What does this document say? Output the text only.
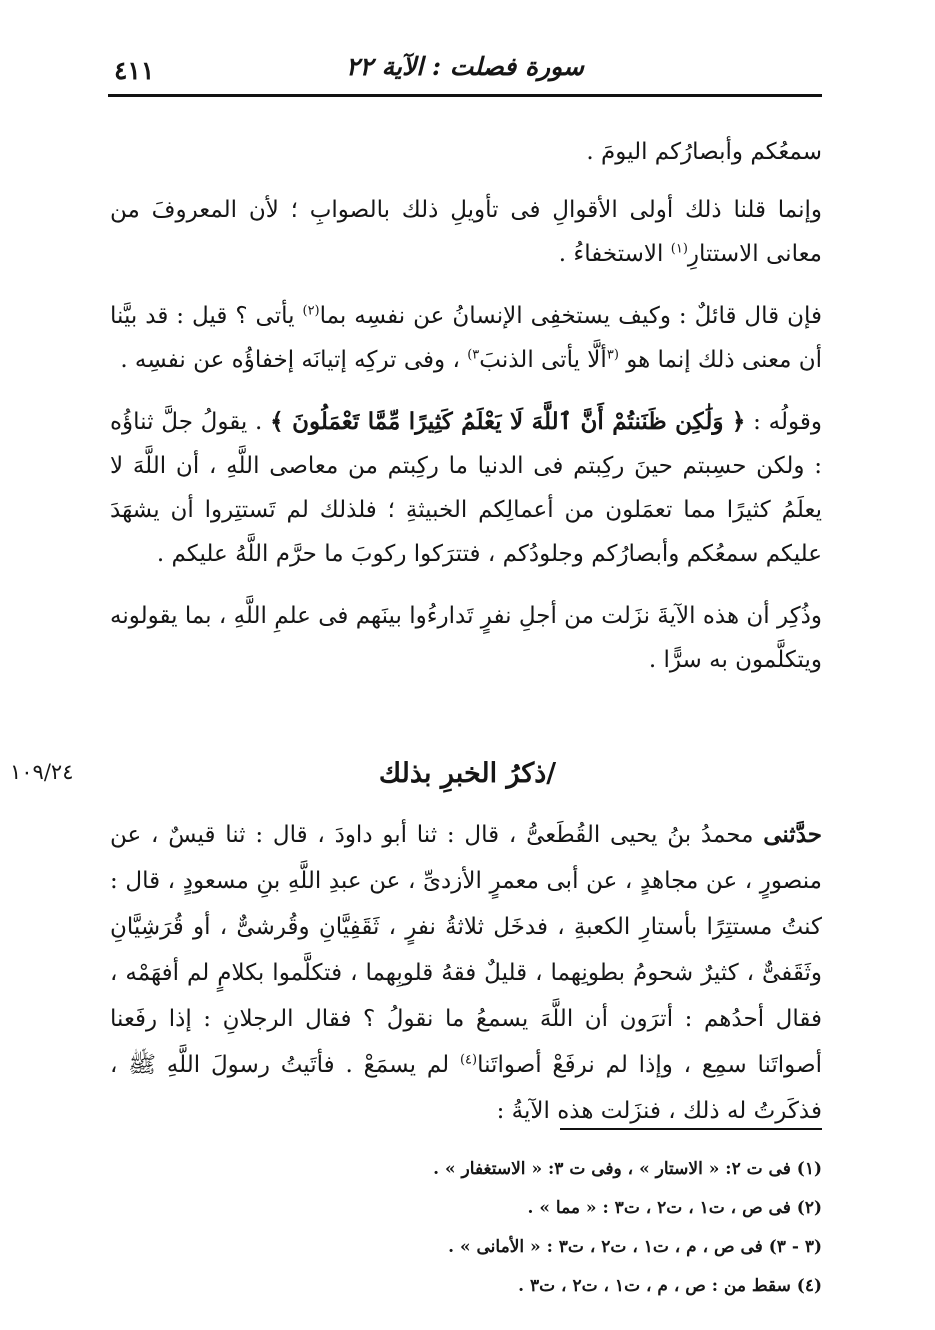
٤١١	سورة فصلت : الآية ٢٢

سمعُكم وأبصارُكم اليومَ .

وإنما قلنا ذلك أولى الأقوالِ فى تأويلِ ذلك بالصوابِ ؛ لأن المعروفَ من معانى الاستتارِ$^{(١)}$ الاستخفاءُ .

فإن قال قائلٌ : وكيف يستخفِى الإنسانُ عن نفسِه بما$^{(٢)}$ يأتى ؟ قيل : قد بيَّنا أن معنى ذلك إنما هو $^{(٣}$ألَّا يأتى الذنبَ$^{٣)}$ ، وفى تركِه إتيانَه إخفاؤُه عن نفسِه .

وقولُه : ﴿ وَلَٰكِن ظَنَنتُمْ أَنَّ ٱللَّهَ لَا يَعْلَمُ كَثِيرًا مِّمَّا تَعْمَلُونَ ﴾ . يقولُ جلَّ ثناؤُه : ولكن حسِبتم حينَ ركِبتم فى الدنيا ما ركِبتم من معاصى اللَّهِ ، أن اللَّهَ لا يعلَمُ كثيرًا مما تعمَلون من أعمالِكم الخبيثةِ ؛ فلذلك لم تَستتِروا أن يشهَدَ عليكم سمعُكم وأبصارُكم وجلودُكم ، فتترَكوا ركوبَ ما حرَّم اللَّهُ عليكم .

وذُكِر أن هذه الآيةَ نزَلت من أجلِ نفرٍ تَدارءُوا بينَهم فى علمِ اللَّهِ ، بما يقولونه ويتكلَّمون به سرًّا .

/ذكرُ الخبرِ بذلك
١٠٩/٢٤

حدَّثنى محمدُ بنُ يحيى القُطَعىُّ ، قال : ثنا أبو داودَ ، قال : ثنا قيسٌ ، عن منصورٍ ، عن مجاهدٍ ، عن أبى معمرٍ الأزدىِّ ، عن عبدِ اللَّهِ بنِ مسعودٍ ، قال : كنتُ مستتِرًا بأستارِ الكعبةِ ، فدخَل ثلاثةُ نفرٍ ، ثَقَفِيَّانِ وقُرشىٌّ ، أو قُرَشِيَّانِ وثَقَفىٌّ ، كثيرٌ شحومُ بطونِهما ، قليلٌ فقهُ قلوبِهما ، فتكلَّموا بكلامٍ لم أفهَمْه ، فقال أحدُهم : أترَون أن اللَّهَ يسمعُ ما نقولُ ؟ فقال الرجلانِ : إذا رفَعنا أصواتَنا سمِع ، وإذا لم نرفَعْ أصواتَنا$^{(٤)}$ لم يسمَعْ . فأتَيتُ رسولَ اللَّهِ ﷺ ، فذكَرتُ له ذلك ، فنزَلت هذه الآيةُ :

(١) فى ت ٢: « الاستار » ، وفى ت ٣: « الاستغفار » .

(٢) فى ص ، ت١ ، ت٢ ، ت٣ : « مما » .

(٣ - ٣) فى ص ، م ، ت١ ، ت٢ ، ت٣ : « الأمانى » .

(٤) سقط من : ص ، م ، ت١ ، ت٢ ، ت٣ .
